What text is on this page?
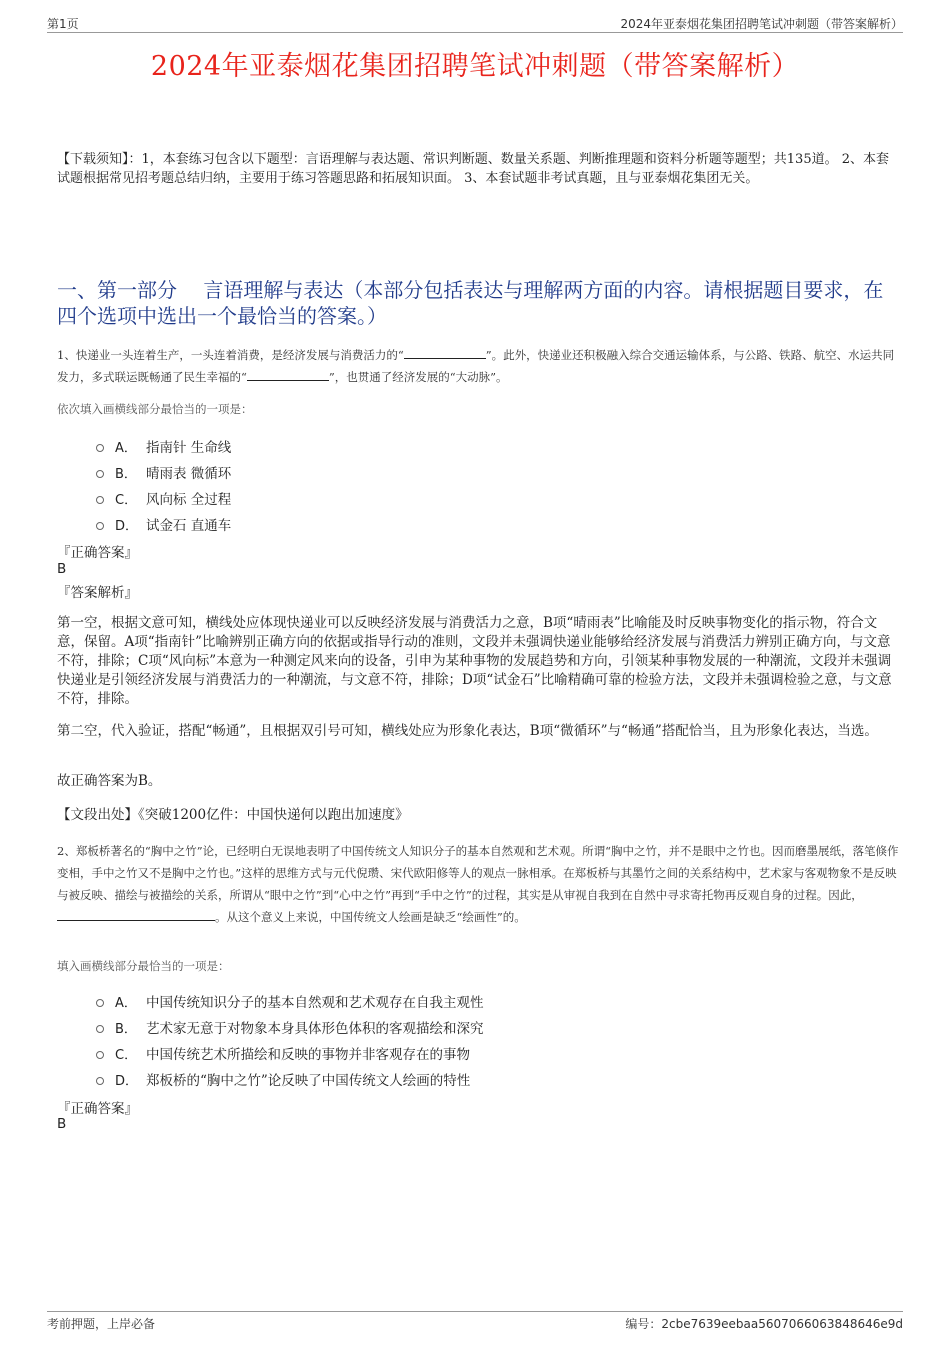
第1页	2024年亚泰烟花集团招聘笔试冲刺题（带答案解析）
2024年亚泰烟花集团招聘笔试冲刺题（带答案解析）
【下载须知】：1，本套练习包含以下题型：言语理解与表达题、常识判断题、数量关系题、判断推理题和资料分析题等题型；共135道。 2、本套试题根据常见招考题总结归纳，主要用于练习答题思路和拓展知识面。 3、本套试题非考试真题，且与亚泰烟花集团无关。
一、第一部分　 言语理解与表达（本部分包括表达与理解两方面的内容。请根据题目要求，在四个选项中选出一个最恰当的答案。）
1、快递业一头连着生产，一头连着消费，是经济发展与消费活力的“	”。此外，快递业还积极融入综合交通运输体系，与公路、铁路、航空、水运共同发力，多式联运既畅通了民生幸福的“	”，也贯通了经济发展的“大动脉”。
依次填入画横线部分最恰当的一项是：
A． 指南针 生命线
B． 晴雨表 微循环
C． 风向标 全过程
D． 试金石 直通车
『正确答案』
B
『答案解析』
第一空，根据文意可知，横线处应体现快递业可以反映经济发展与消费活力之意，B项“晴雨表”比喻能及时反映事物变化的指示物，符合文意，保留。A项“指南针”比喻辨别正确方向的依据或指导行动的准则，文段并未强调快递业能够给经济发展与消费活力辨别正确方向，与文意不符，排除；C项“风向标”本意为一种测定风来向的设备，引申为某种事物的发展趋势和方向，引领某种事物发展的一种潮流，文段并未强调快递业是引领经济发展与消费活力的一种潮流，与文意不符，排除；D项“试金石”比喻精确可靠的检验方法，文段并未强调检验之意，与文意不符，排除。
第二空，代入验证，搭配“畅通”，且根据双引号可知，横线处应为形象化表达，B项“微循环”与“畅通”搭配恰当，且为形象化表达，当选。
故正确答案为B。
【文段出处】《突破1200亿件：中国快递何以跑出加速度》
2、郑板桥著名的“胸中之竹”论，已经明白无误地表明了中国传统文人知识分子的基本自然观和艺术观。所谓“胸中之竹，并不是眼中之竹也。因而磨墨展纸，落笔倏作变相，手中之竹又不是胸中之竹也。”这样的思维方式与元代倪瓒、宋代欧阳修等人的观点一脉相承。在郑板桥与其墨竹之间的关系结构中，艺术家与客观物象不是反映与被反映、描绘与被描绘的关系，所谓从“眼中之竹”到“心中之竹”再到“手中之竹”的过程，其实是从审视自我到在自然中寻求寄托物再反观自身的过程。因此，。从这个意义上来说，中国传统文人绘画是缺乏“绘画性”的。
填入画横线部分最恰当的一项是：
A． 中国传统知识分子的基本自然观和艺术观存在自我主观性
B． 艺术家无意于对物象本身具体形色体积的客观描绘和深究
C． 中国传统艺术所描绘和反映的事物并非客观存在的事物
D． 郑板桥的“胸中之竹”论反映了中国传统文人绘画的特性
『正确答案』
B
考前押题，上岸必备	编号：2cbe7639eebaa5607066063848646e9d
